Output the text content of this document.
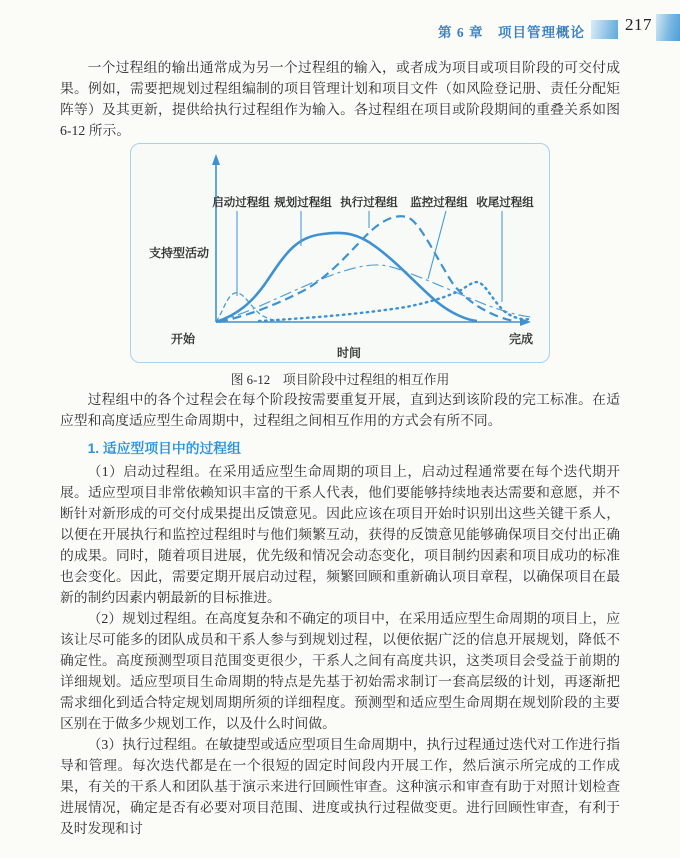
第 6 章　项目管理概论 217

一个过程组的输出通常成为另一个过程组的输入，或者成为项目或项目阶段的可交付成果。例如，需要把规划过程组编制的项目管理计划和项目文件（如风险登记册、责任分配矩阵等）及其更新，提供给执行过程组作为输入。各过程组在项目或阶段期间的重叠关系如图 6-12 所示。

启动过程组 规划过程组 执行过程组 监控过程组 收尾过程组
支持型活动
开始	完成
时间
图 6-12　项目阶段中过程组的相互作用

过程组中的各个过程会在每个阶段按需要重复开展，直到达到该阶段的完工标准。在适应型和高度适应型生命周期中，过程组之间相互作用的方式会有所不同。

1. 适应型项目中的过程组

（1）启动过程组。在采用适应型生命周期的项目上，启动过程通常要在每个迭代期开展。适应型项目非常依赖知识丰富的干系人代表，他们要能够持续地表达需要和意愿，并不断针对新形成的可交付成果提出反馈意见。因此应该在项目开始时识别出这些关键干系人，以便在开展执行和监控过程组时与他们频繁互动，获得的反馈意见能够确保项目交付出正确的成果。同时，随着项目进展，优先级和情况会动态变化，项目制约因素和项目成功的标准也会变化。因此，需要定期开展启动过程，频繁回顾和重新确认项目章程，以确保项目在最新的制约因素内朝最新的目标推进。

（2）规划过程组。在高度复杂和不确定的项目中，在采用适应型生命周期的项目上，应该让尽可能多的团队成员和干系人参与到规划过程，以便依据广泛的信息开展规划，降低不确定性。高度预测型项目范围变更很少，干系人之间有高度共识，这类项目会受益于前期的详细规划。适应型项目生命周期的特点是先基于初始需求制订一套高层级的计划，再逐渐把需求细化到适合特定规划周期所须的详细程度。预测型和适应型生命周期在规划阶段的主要区别在于做多少规划工作，以及什么时间做。

（3）执行过程组。在敏捷型或适应型项目生命周期中，执行过程通过迭代对工作进行指导和管理。每次迭代都是在一个很短的固定时间段内开展工作，然后演示所完成的工作成果，有关的干系人和团队基于演示来进行回顾性审查。这种演示和审查有助于对照计划检查进展情况，确定是否有必要对项目范围、进度或执行过程做变更。进行回顾性审查，有利于及时发现和讨
